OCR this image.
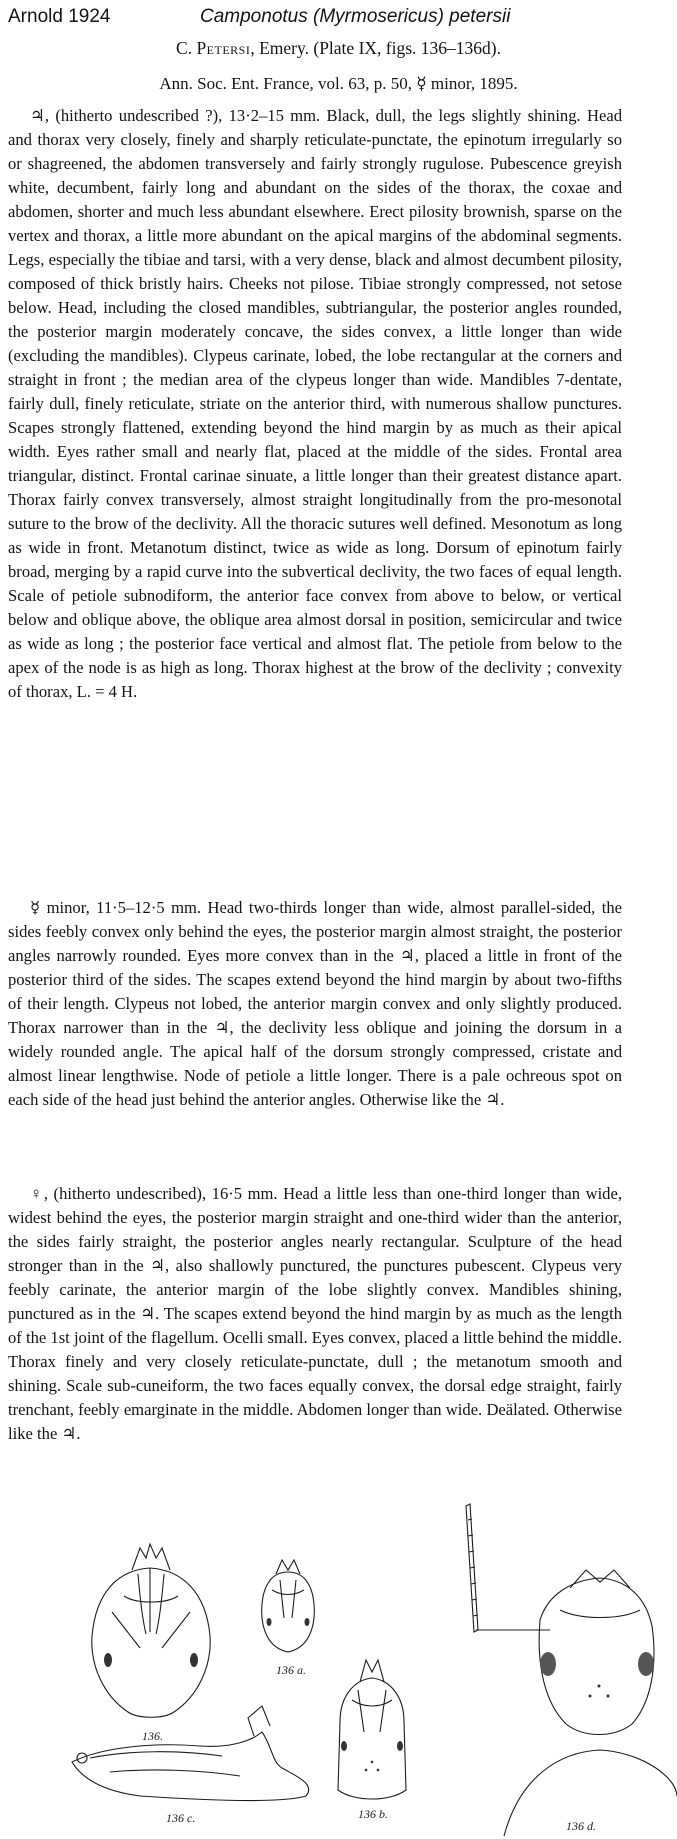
Arnold 1924	Camponotus (Myrmosericus) petersii
C. Petersi, Emery. (Plate IX, figs. 136–136d).
Ann. Soc. Ent. France, vol. 63, p. 50, ☿ minor, 1895.

♃, (hitherto undescribed ?), 13·2–15 mm. Black, dull, the legs slightly shining. Head and thorax very closely, finely and sharply reticulate-punctate, the epinotum irregularly so or shagreened, the abdomen transversely and fairly strongly rugulose. Pubescence greyish white, decumbent, fairly long and abundant on the sides of the thorax, the coxae and abdomen, shorter and much less abundant elsewhere. Erect pilosity brownish, sparse on the vertex and thorax, a little more abundant on the apical margins of the abdominal segments. Legs, especially the tibiae and tarsi, with a very dense, black and almost decumbent pilosity, composed of thick bristly hairs. Cheeks not pilose. Tibiae strongly compressed, not setose below. Head, including the closed mandibles, subtriangular, the posterior angles rounded, the posterior margin moderately concave, the sides convex, a little longer than wide (excluding the mandibles). Clypeus carinate, lobed, the lobe rectangular at the corners and straight in front ; the median area of the clypeus longer than wide. Mandibles 7-dentate, fairly dull, finely reticulate, striate on the anterior third, with numerous shallow punctures. Scapes strongly flattened, extending beyond the hind margin by as much as their apical width. Eyes rather small and nearly flat, placed at the middle of the sides. Frontal area triangular, distinct. Frontal carinae sinuate, a little longer than their greatest distance apart. Thorax fairly convex transversely, almost straight longitudinally from the pro-mesonotal suture to the brow of the declivity. All the thoracic sutures well defined. Mesonotum as long as wide in front. Metanotum distinct, twice as wide as long. Dorsum of epinotum fairly broad, merging by a rapid curve into the subvertical declivity, the two faces of equal length. Scale of petiole subnodiform, the anterior face convex from above to below, or vertical below and oblique above, the oblique area almost dorsal in position, semicircular and twice as wide as long ; the posterior face vertical and almost flat. The petiole from below to the apex of the node is as high as long. Thorax highest at the brow of the declivity ; convexity of thorax, L. = 4 H.

☿ minor, 11·5–12·5 mm. Head two-thirds longer than wide, almost parallel-sided, the sides feebly convex only behind the eyes, the posterior margin almost straight, the posterior angles narrowly rounded. Eyes more convex than in the ♃, placed a little in front of the posterior third of the sides. The scapes extend beyond the hind margin by about two-fifths of their length. Clypeus not lobed, the anterior margin convex and only slightly produced. Thorax narrower than in the ♃, the declivity less oblique and joining the dorsum in a widely rounded angle. The apical half of the dorsum strongly compressed, cristate and almost linear lengthwise. Node of petiole a little longer. There is a pale ochreous spot on each side of the head just behind the anterior angles. Otherwise like the ♃.

♀, (hitherto undescribed), 16·5 mm. Head a little less than one-third longer than wide, widest behind the eyes, the posterior margin straight and one-third wider than the anterior, the sides fairly straight, the posterior angles nearly rectangular. Sculpture of the head stronger than in the ♃, also shallowly punctured, the punctures pubescent. Clypeus very feebly carinate, the anterior margin of the lobe slightly convex. Mandibles shining, punctured as in the ♃. The scapes extend beyond the hind margin by as much as the length of the 1st joint of the flagellum. Ocelli small. Eyes convex, placed a little behind the middle. Thorax finely and very closely reticulate-punctate, dull ; the metanotum smooth and shining. Scale sub-cuneiform, the two faces equally convex, the dorsal edge straight, fairly trenchant, feebly emarginate in the middle. Abdomen longer than wide. Deälated. Otherwise like the ♃.

136.
136 a.
136 c.	136 b.
136 d.
